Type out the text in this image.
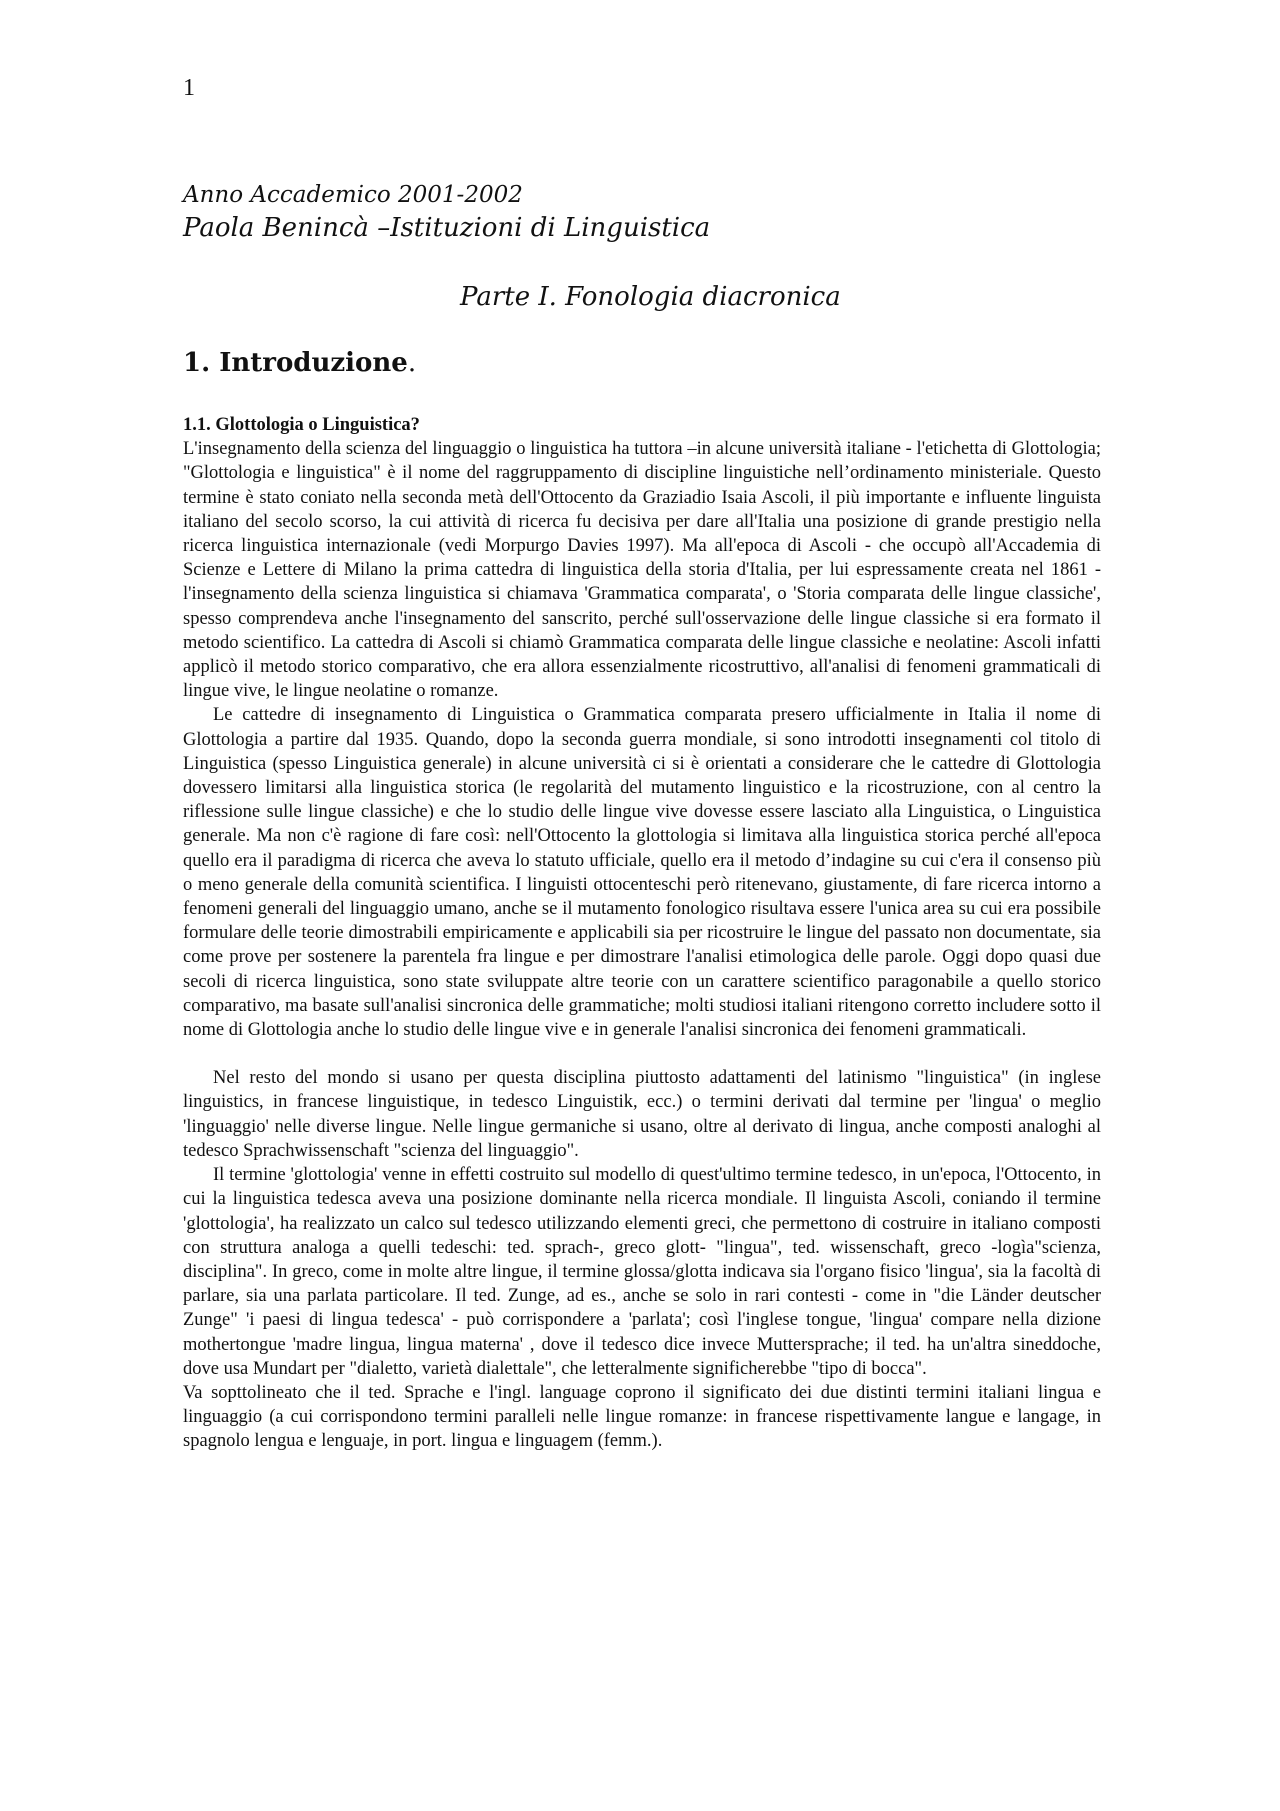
1
Anno Accademico 2001-2002
Paola Benincà –Istituzioni di Linguistica
Parte I. Fonologia diacronica
1. Introduzione.

1.1. Glottologia o Linguistica?

L'insegnamento della scienza del linguaggio o linguistica ha tuttora –in alcune università italiane - l'etichetta di Glottologia; "Glottologia e linguistica" è il nome del raggruppamento di discipline linguistiche nell’ordinamento ministeriale. Questo termine è stato coniato nella seconda metà dell'Ottocento da Graziadio Isaia Ascoli, il più importante e influente linguista italiano del secolo scorso, la cui attività di ricerca fu decisiva per dare all'Italia una posizione di grande prestigio nella ricerca linguistica internazionale (vedi Morpurgo Davies 1997). Ma all'epoca di Ascoli - che occupò all'Accademia di Scienze e Lettere di Milano la prima cattedra di linguistica della storia d'Italia, per lui espressamente creata nel 1861 - l'insegnamento della scienza linguistica si chiamava 'Grammatica comparata', o 'Storia comparata delle lingue classiche', spesso comprendeva anche l'insegnamento del sanscrito, perché sull'osservazione delle lingue classiche si era formato il metodo scientifico. La cattedra di Ascoli si chiamò Grammatica comparata delle lingue classiche e neolatine: Ascoli infatti applicò il metodo storico comparativo, che era allora essenzialmente ricostruttivo, all'analisi di fenomeni grammaticali di lingue vive, le lingue neolatine o romanze.

Le cattedre di insegnamento di Linguistica o Grammatica comparata presero ufficialmente in Italia il nome di Glottologia a partire dal 1935. Quando, dopo la seconda guerra mondiale, si sono introdotti insegnamenti col titolo di Linguistica (spesso Linguistica generale) in alcune università ci si è orientati a considerare che le cattedre di Glottologia dovessero limitarsi alla linguistica storica (le regolarità del mutamento linguistico e la ricostruzione, con al centro la riflessione sulle lingue classiche) e che lo studio delle lingue vive dovesse essere lasciato alla Linguistica, o Linguistica generale. Ma non c'è ragione di fare così: nell'Ottocento la glottologia si limitava alla linguistica storica perché all'epoca quello era il paradigma di ricerca che aveva lo statuto ufficiale, quello era il metodo d’indagine su cui c'era il consenso più o meno generale della comunità scientifica. I linguisti ottocenteschi però ritenevano, giustamente, di fare ricerca intorno a fenomeni generali del linguaggio umano, anche se il mutamento fonologico risultava essere l'unica area su cui era possibile formulare delle teorie dimostrabili empiricamente e applicabili sia per ricostruire le lingue del passato non documentate, sia come prove per sostenere la parentela fra lingue e per dimostrare l'analisi etimologica delle parole. Oggi dopo quasi due secoli di ricerca linguistica, sono state sviluppate altre teorie con un carattere scientifico paragonabile a quello storico comparativo, ma basate sull'analisi sincronica delle grammatiche; molti studiosi italiani ritengono corretto includere sotto il nome di Glottologia anche lo studio delle lingue vive e in generale l'analisi sincronica dei fenomeni grammaticali.

Nel resto del mondo si usano per questa disciplina piuttosto adattamenti del latinismo "linguistica" (in inglese linguistics, in francese linguistique, in tedesco Linguistik, ecc.) o termini derivati dal termine per 'lingua' o meglio 'linguaggio' nelle diverse lingue. Nelle lingue germaniche si usano, oltre al derivato di lingua, anche composti analoghi al tedesco Sprachwissenschaft "scienza del linguaggio".

Il termine 'glottologia' venne in effetti costruito sul modello di quest'ultimo termine tedesco, in un'epoca, l'Ottocento, in cui la linguistica tedesca aveva una posizione dominante nella ricerca mondiale. Il linguista Ascoli, coniando il termine 'glottologia', ha realizzato un calco sul tedesco utilizzando elementi greci, che permettono di costruire in italiano composti con struttura analoga a quelli tedeschi: ted. sprach-, greco glott- "lingua", ted. wissenschaft, greco -logìa"scienza, disciplina". In greco, come in molte altre lingue, il termine glossa/glotta indicava sia l'organo fisico 'lingua', sia la facoltà di parlare, sia una parlata particolare. Il ted. Zunge, ad es., anche se solo in rari contesti - come in "die Länder deutscher Zunge" 'i paesi di lingua tedesca' - può corrispondere a 'parlata'; così l'inglese tongue, 'lingua' compare nella dizione mothertongue 'madre lingua, lingua materna' , dove il tedesco dice invece Muttersprache; il ted. ha un'altra sineddoche, dove usa Mundart per "dialetto, varietà dialettale", che letteralmente significherebbe "tipo di bocca".

Va sopttolineato che il ted. Sprache e l'ingl. language coprono il significato dei due distinti termini italiani lingua e linguaggio (a cui corrispondono termini paralleli nelle lingue romanze: in francese rispettivamente langue e langage, in spagnolo lengua e lenguaje, in port. lingua e linguagem (femm.).
